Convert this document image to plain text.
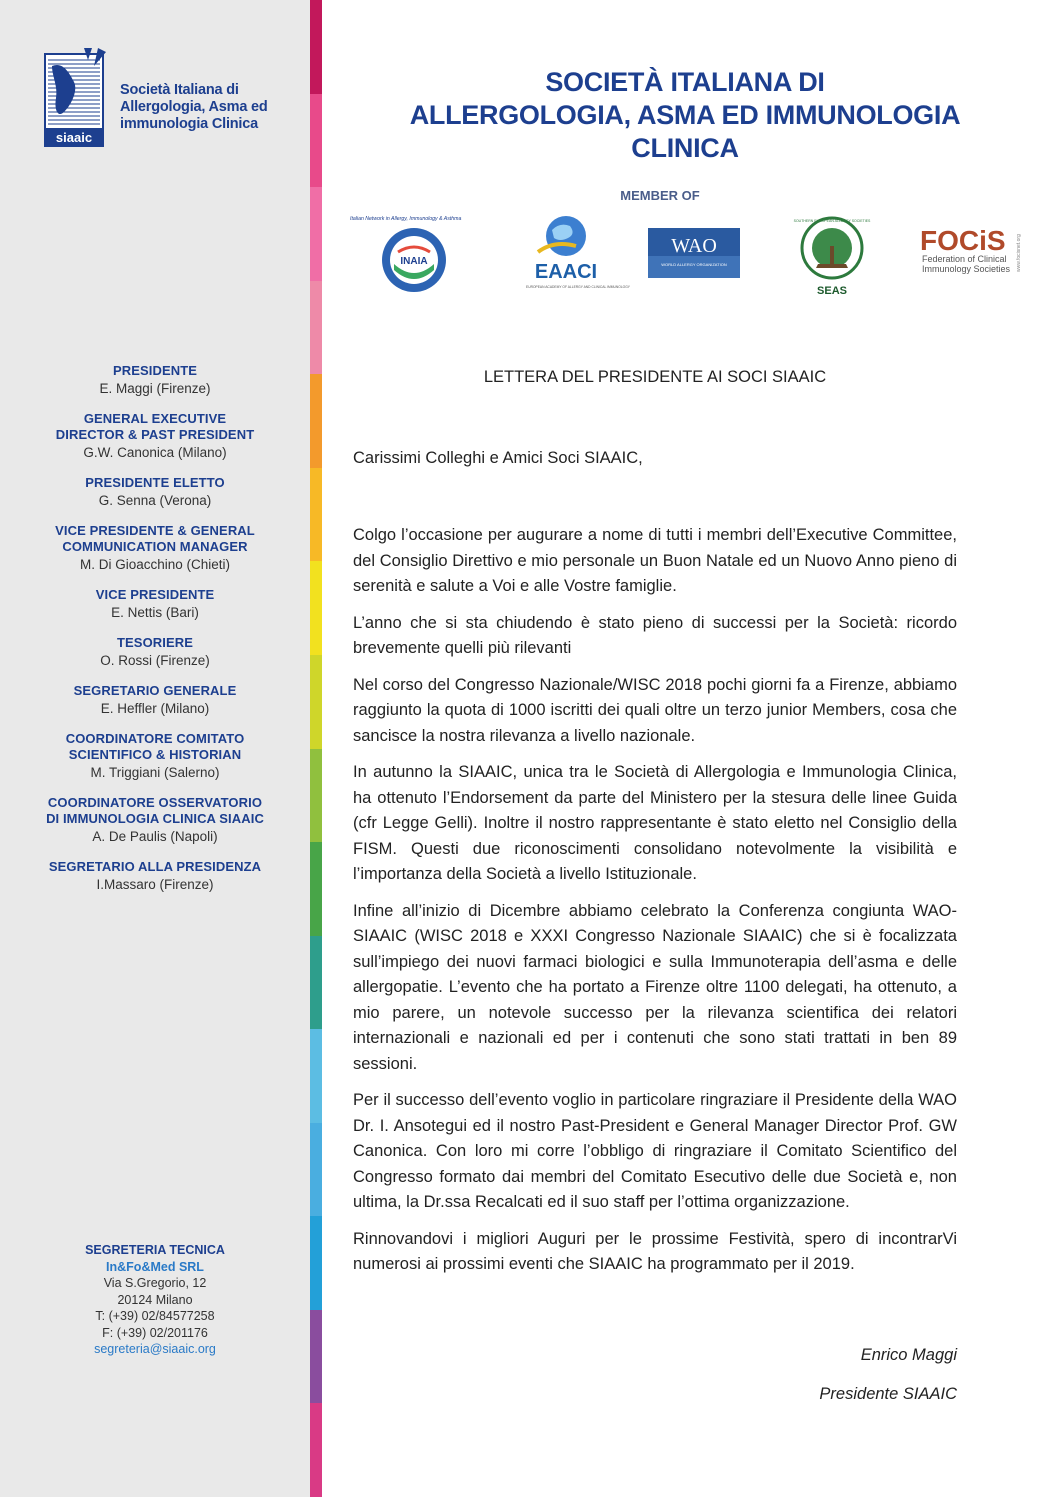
siaaic
Società Italiana di
Allergologia, Asma ed
immunologia Clinica
PRESIDENTE
E. Maggi (Firenze)
GENERAL EXECUTIVE
DIRECTOR & PAST PRESIDENT
G.W. Canonica (Milano)
PRESIDENTE ELETTO
G. Senna (Verona)
VICE PRESIDENTE & GENERAL
COMMUNICATION MANAGER
M. Di Gioacchino (Chieti)
VICE PRESIDENTE
E. Nettis (Bari)
TESORIERE
O. Rossi (Firenze)
SEGRETARIO GENERALE
E. Heffler (Milano)
COORDINATORE COMITATO
SCIENTIFICO & HISTORIAN
M. Triggiani (Salerno)
COORDINATORE OSSERVATORIO
DI IMMUNOLOGIA CLINICA SIAAIC
A. De Paulis (Napoli)
SEGRETARIO ALLA PRESIDENZA
I.Massaro (Firenze)
SEGRETERIA TECNICA
In&Fo&Med SRL
Via S.Gregorio, 12
20124 Milano
T: (+39) 02/84577258
F: (+39) 02/201176
segreteria@siaaic.org
SOCIETÀ ITALIANA DI
ALLERGOLOGIA, ASMA ED IMMUNOLOGIA CLINICA
MEMBER OF
Italian Network in Allergy, Immunology & Asthma
INAIA	EAACI
EUROPEAN ACADEMY OF ALLERGY AND CLINICAL IMMUNOLOGY
WAO
WORLD ALLERGY ORGANIZATION
SOUTHERN EUROPEAN ALLERGY SOCIETIES
SEAS
FOCiS
Federation of Clinical
Immunology Societies www.focisnet.org
LETTERA DEL PRESIDENTE AI SOCI SIAAIC
Carissimi Colleghi e Amici Soci SIAAIC,

Colgo l’occasione per augurare a nome di tutti i membri dell’Executive Committee, del Consiglio Direttivo e mio personale un Buon Natale ed un Nuovo Anno pieno di serenità e salute a Voi e alle Vostre famiglie.

L’anno che si sta chiudendo è stato pieno di successi per la Società: ricordo brevemente quelli più rilevanti

Nel corso del Congresso Nazionale/WISC 2018 pochi giorni fa a Firenze, abbiamo raggiunto la quota di 1000 iscritti dei quali oltre un terzo junior Members, cosa che sancisce la nostra rilevanza a livello nazionale.

In autunno la SIAAIC, unica tra le Società di Allergologia e Immunologia Clinica, ha ottenuto l’Endorsement da parte del Ministero per la stesura delle linee Guida (cfr Legge Gelli). Inoltre il nostro rappresentante è stato eletto nel Consiglio della FISM. Questi due riconoscimenti consolidano notevolmente la visibilità e l’importanza della Società a livello Istituzionale.

Infine all’inizio di Dicembre abbiamo celebrato la Conferenza congiunta WAO-SIAAIC (WISC 2018 e XXXI Congresso Nazionale SIAAIC) che si è focalizzata sull’impiego dei nuovi farmaci biologici e sulla Immunoterapia dell’asma e delle allergopatie. L’evento che ha portato a Firenze oltre 1100 delegati, ha ottenuto, a mio parere, un notevole successo per la rilevanza scientifica dei relatori internazionali e nazionali ed per i contenuti che sono stati trattati in ben 89 sessioni.

Per il successo dell’evento voglio in particolare ringraziare il Presidente della WAO Dr. I. Ansotegui ed il nostro Past-President e General Manager Director Prof. GW Canonica. Con loro mi corre l’obbligo di ringraziare il Comitato Scientifico del Congresso formato dai membri del Comitato Esecutivo delle due Società e, non ultima, la Dr.ssa Recalcati ed il suo staff per l’ottima organizzazione.

Rinnovandovi i migliori Auguri per le prossime Festività, spero di incontrarVi numerosi ai prossimi eventi che SIAAIC ha programmato per il 2019.

Enrico Maggi
Presidente SIAAIC
